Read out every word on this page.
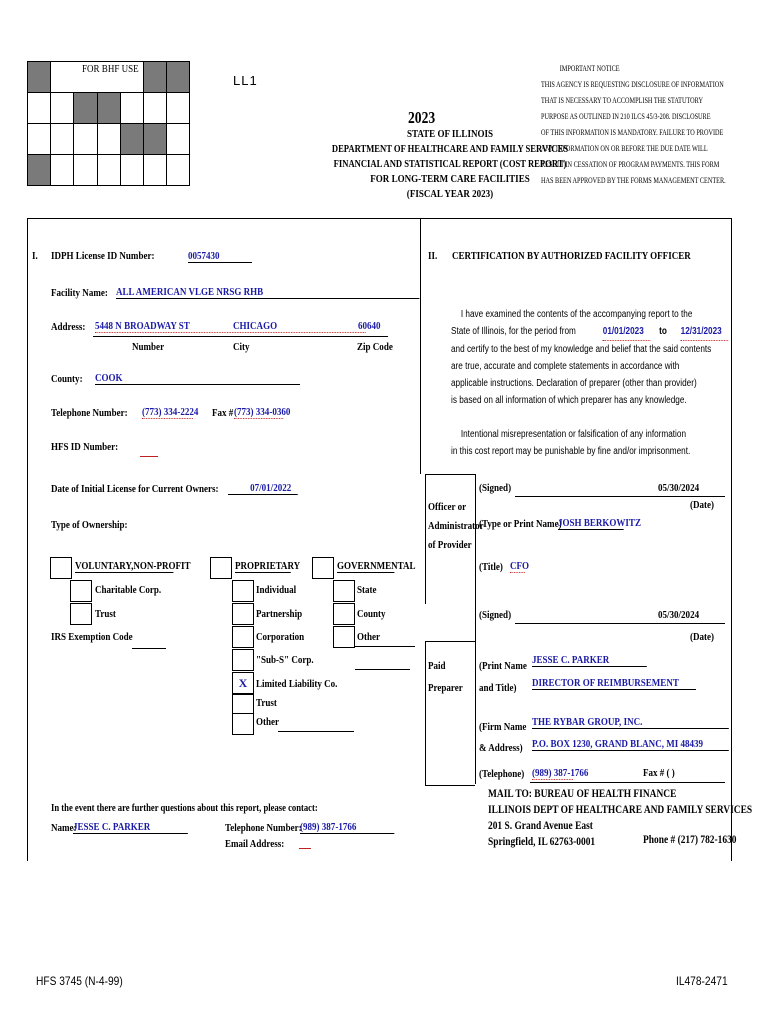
FOR BHF USE
LL1
2023
STATE OF ILLINOIS
DEPARTMENT OF HEALTHCARE AND FAMILY SERVICES
FINANCIAL AND STATISTICAL REPORT (COST REPORT)
FOR LONG-TERM CARE FACILITIES
(FISCAL YEAR 2023)
IMPORTANT NOTICE
THIS AGENCY IS REQUESTING DISCLOSURE OF INFORMATION
THAT IS NECESSARY TO ACCOMPLISH THE STATUTORY
PURPOSE AS OUTLINED IN 210 ILCS 45/3-208. DISCLOSURE
OF THIS INFORMATION IS MANDATORY. FAILURE TO PROVIDE
ANY INFORMATION ON OR BEFORE THE DUE DATE WILL
RESULT IN CESSATION OF PROGRAM PAYMENTS. THIS FORM
HAS BEEN APPROVED BY THE FORMS MANAGEMENT CENTER.
I. IDPH License ID Number:	0057430
Facility Name: ALL AMERICAN VLGE NRSG RHB
Address: 5448 N BROADWAY ST	CHICAGO	60640
Number	City	Zip Code
County: COOK
Telephone Number: (773) 334-2224 Fax # (773) 334-0360
HFS ID Number:
Date of Initial License for Current Owners:	07/01/2022
Type of Ownership:
VOLUNTARY,NON-PROFIT
Charitable Corp.
Trust
IRS Exemption Code
PROPRIETARY
Individual
Partnership
Corporation
"Sub-S" Corp.
X Limited Liability Co.
Trust
Other
GOVERNMENTAL
State
County
Other
In the event there are further questions about this report, please contact:
Name:
JESSE C. PARKER	Telephone Number:
(989) 387-1766
Email Address:
II. CERTIFICATION BY AUTHORIZED FACILITY OFFICER
I have examined the contents of the accompanying report to the
State of Illinois, for the period from	01/01/2023 to 12/31/2023
and certify to the best of my knowledge and belief that the said contents
are true, accurate and complete statements in accordance with
applicable instructions. Declaration of preparer (other than provider)
is based on all information of which preparer has any knowledge.
Intentional misrepresentation or falsification of any information
in this cost report may be punishable by fine and/or imprisonment.
Officer or
Administrator
of Provider
(Signed)	05/30/2024
(Date)
(Type or Print Name)
JOSH BERKOWITZ
(Title) CFO
(Signed)	05/30/2024
(Date)
Paid
Preparer
(Print Name
and Title)
JESSE C. PARKER
DIRECTOR OF REIMBURSEMENT
(Firm Name
& Address)
THE RYBAR GROUP, INC.
P.O. BOX 1230, GRAND BLANC, MI 48439
(Telephone) (989) 387-1766	Fax # ( )
MAIL TO: BUREAU OF HEALTH FINANCE
ILLINOIS DEPT OF HEALTHCARE AND FAMILY SERVICES
201 S. Grand Avenue East
Springfield, IL 62763-0001	Phone # (217) 782-1630
HFS 3745 (N-4-99)	IL478-2471
